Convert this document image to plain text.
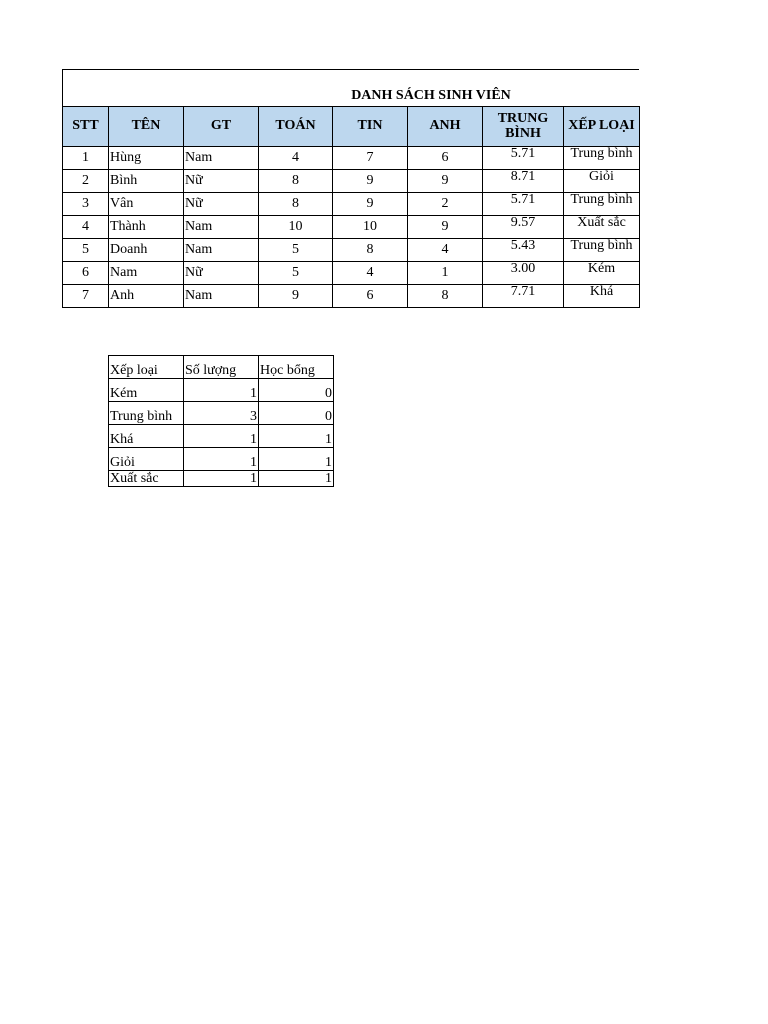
DANH SÁCH SINH VIÊN
STT	TÊN	GT	TOÁN	TIN	ANH	TRUNG BÌNH	XẾP LOẠI
1	Hùng	Nam	4	7	6	5.71	Trung bình
2	Bình	Nữ	8	9	9	8.71	Giỏi
3	Vân	Nữ	8	9	2	5.71	Trung bình
4	Thành	Nam	10	10	9	9.57	Xuất sắc
5	Doanh	Nam	5	8	4	5.43	Trung bình
6	Nam	Nữ	5	4	1	3.00	Kém
7	Anh	Nam	9	6	8	7.71	Khá
Xếp loại	Số lượng	Học bổng
Kém	1	0
Trung bình	3	0
Khá	1	1
Giỏi	1	1
Xuất sắc	1	1
